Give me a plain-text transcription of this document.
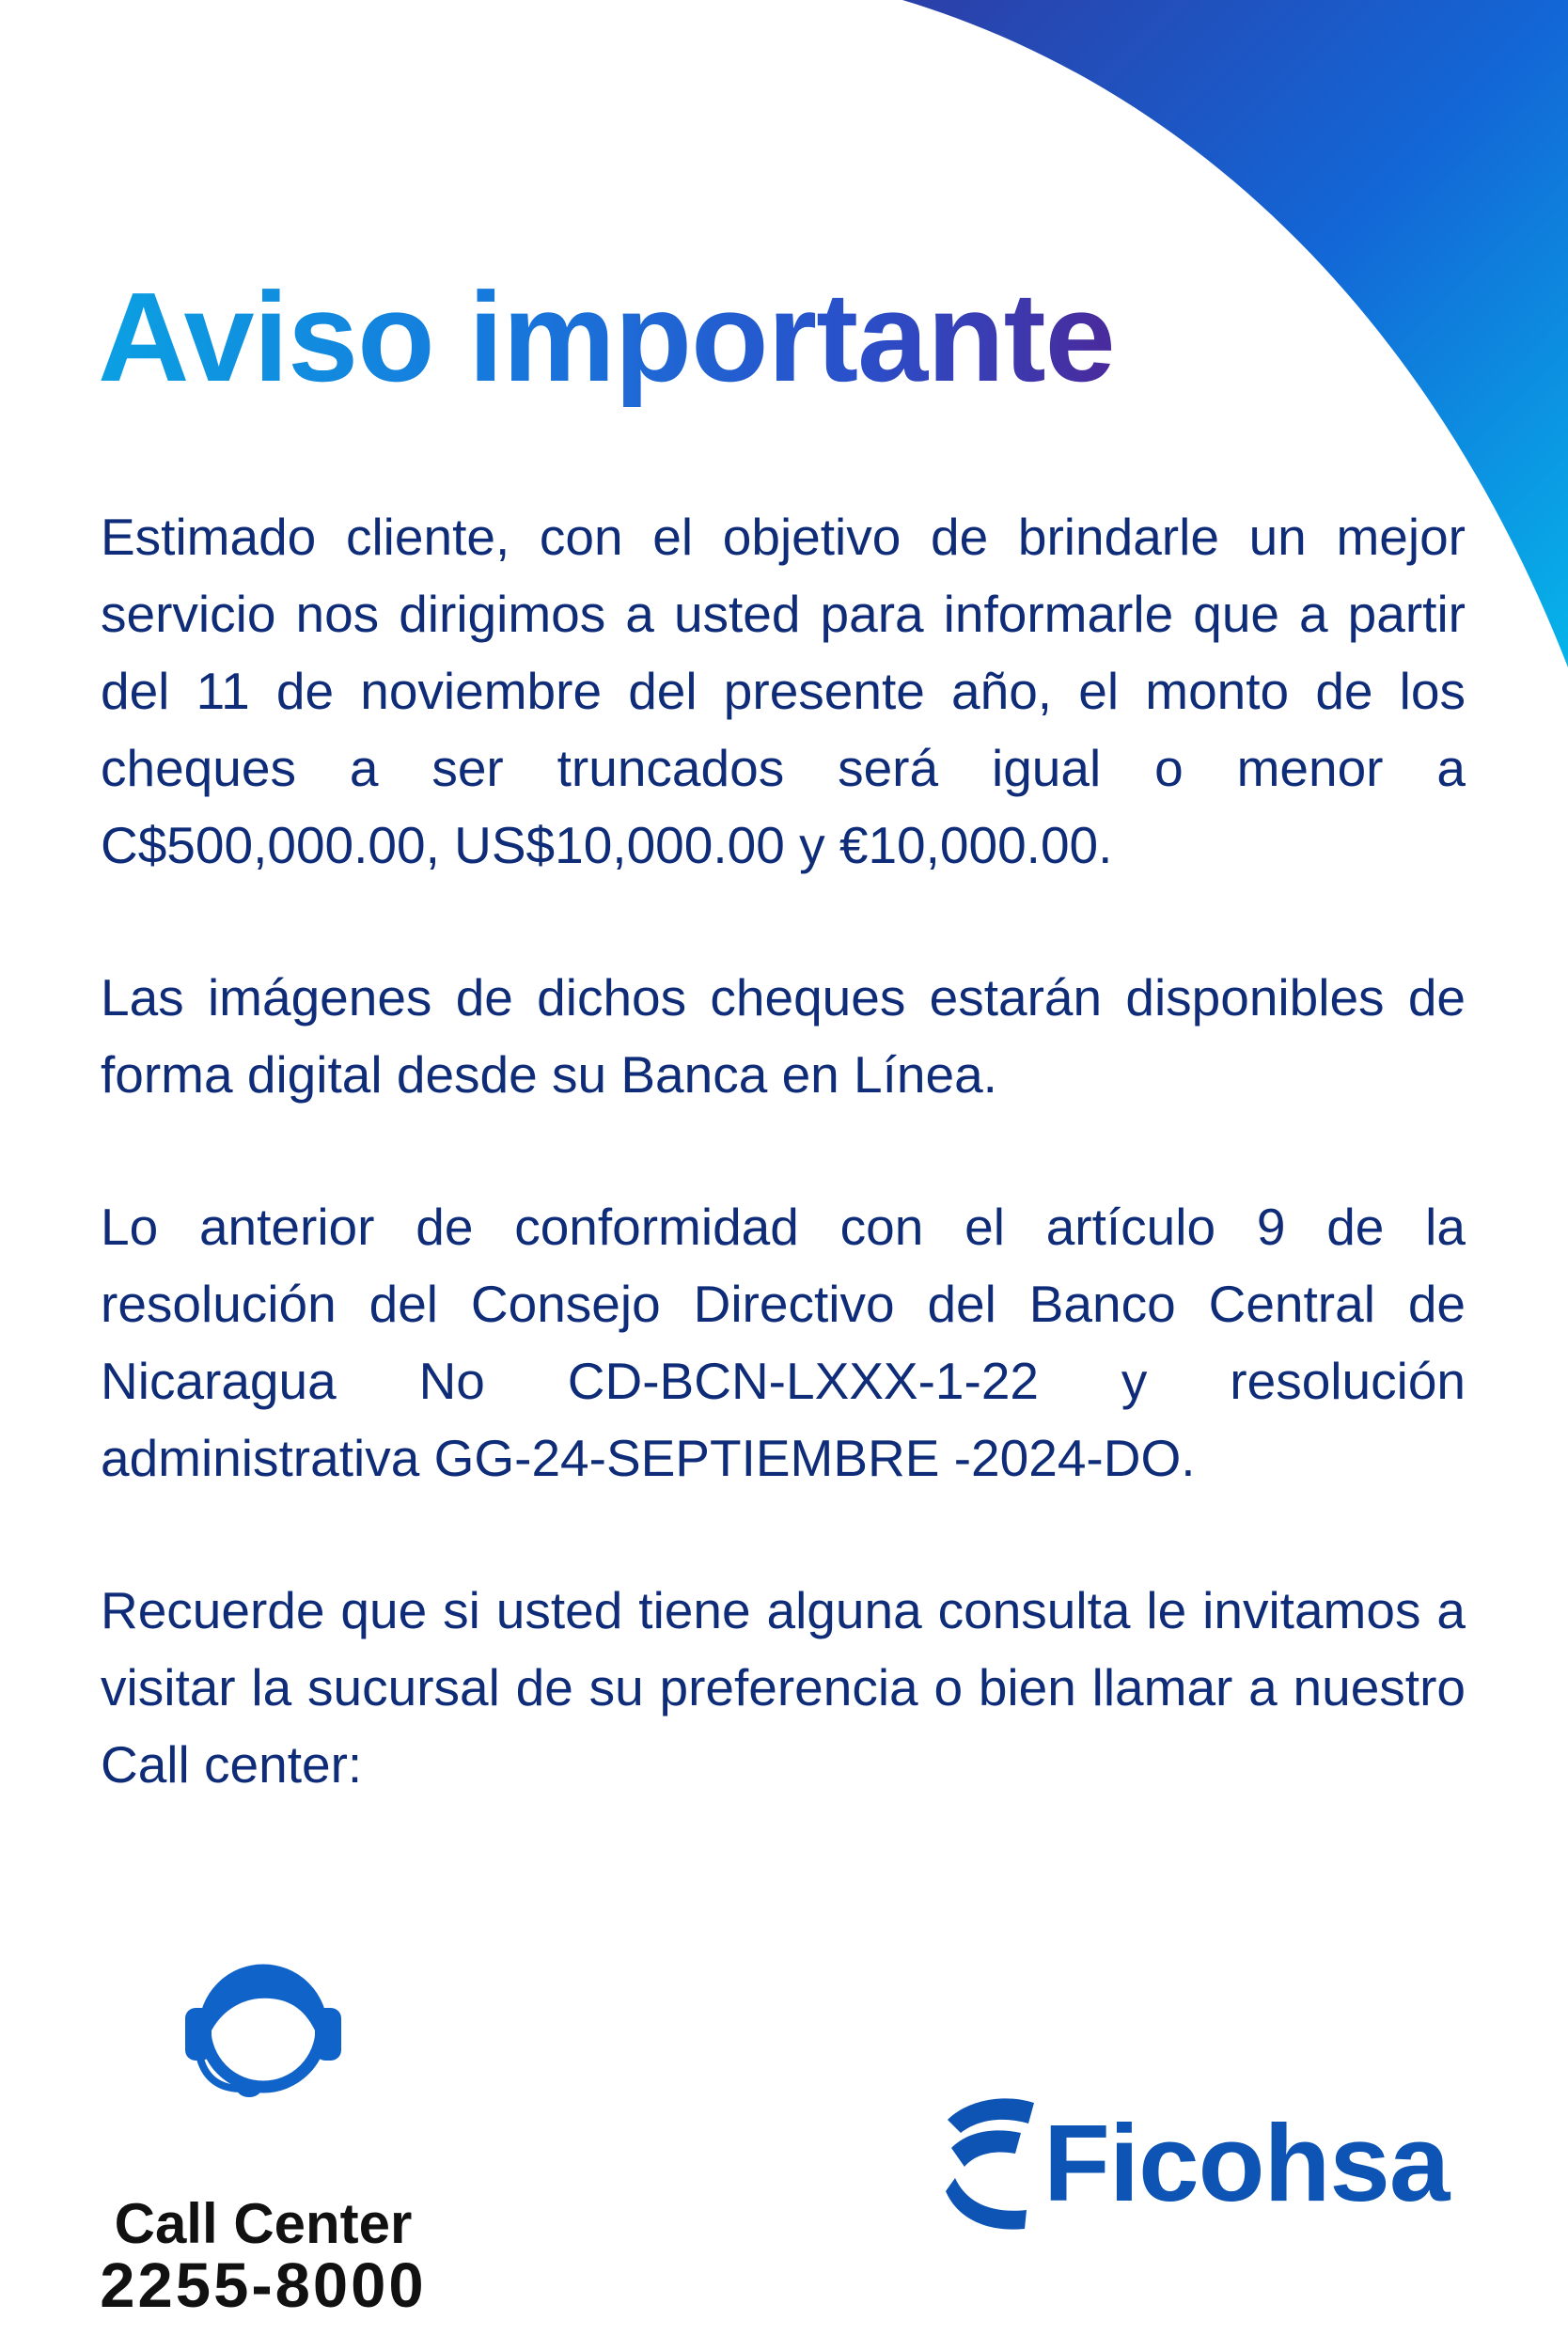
Aviso importante

Estimado cliente, con el objetivo de brindarle un mejor servicio nos dirigimos a usted para informarle que a partir del 11 de noviembre del presente año, el monto de los cheques a ser truncados será igual o menor a C$500,000.00, US$10,000.00 y €10,000.00.

Las imágenes de dichos cheques estarán disponibles de forma digital desde su Banca en Línea.

Lo anterior de conformidad con el artículo 9 de la resolución del Consejo Directivo del Banco Central de Nicaragua No CD-BCN-LXXX-1-22 y resolución administrativa GG-24-SEPTIEMBRE -2024-DO.

Recuerde que si usted tiene alguna consulta le invitamos a visitar la sucursal de su preferencia o bien llamar a nuestro Call center:

Call Center
2255-8000
Ficohsa
